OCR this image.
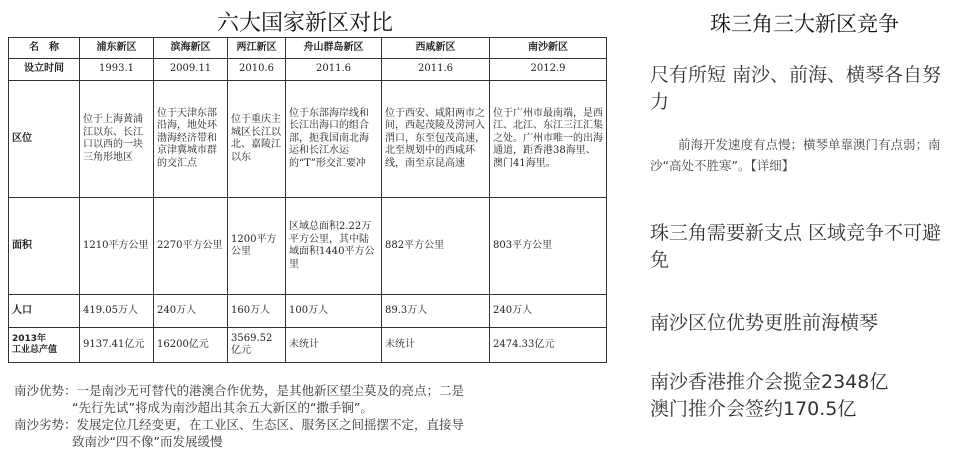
六大国家新区对比
名　称	浦东新区	滨海新区	两江新区	舟山群岛新区	西咸新区	南沙新区
设立时间	1993.1	2009.11	2010.6	2011.6	2011.6	2012.9
区位	位于上海黄浦江以东、长江口以西的一块三角形地区	位于天津东部沿海，地处环渤海经济带和京津冀城市群的交汇点	位于重庆主城区长江以北、嘉陵江以东	位于东部海岸线和长江出海口的组合部，扼我国南北海运和长江水运的“T”形交汇要冲	位于西安、咸阳两市之间，西起茂陵及涝河入渭口，东至包茂高速，北至规划中的西咸环线，南至京昆高速	位于广州市最南端，是西江、北江、东江三江汇集之处。广州市唯一的出海通道，距香港38海里、澳门41海里。
面积	1210平方公里	2270平方公里	1200平方公里	区域总面积2.22万平方公里，其中陆域面积1440平方公里	882平方公里	803平方公里
人口	419.05万人	240万人	160万人	100万人	89.3万人	240万人
2013年
工业总产值	9137.41亿元	16200亿元	3569.52亿元	未统计	未统计	2474.33亿元

南沙优势：一是南沙无可替代的港澳合作优势，是其他新区望尘莫及的亮点；二是

“先行先试”将成为南沙超出其余五大新区的“撒手锏”。

南沙劣势：发展定位几经变更，在工业区、生态区、服务区之间摇摆不定，直接导

致南沙“四不像”而发展缓慢

珠三角三大新区竞争
尺有所短 南沙、前海、横琴各自努力
前海开发速度有点慢；横琴单靠澳门有点弱；南沙“高处不胜寒”。【详细】
珠三角需要新支点 区域竞争不可避免
南沙区位优势更胜前海横琴
南沙香港推介会揽金2348亿
澳门推介会签约170.5亿
